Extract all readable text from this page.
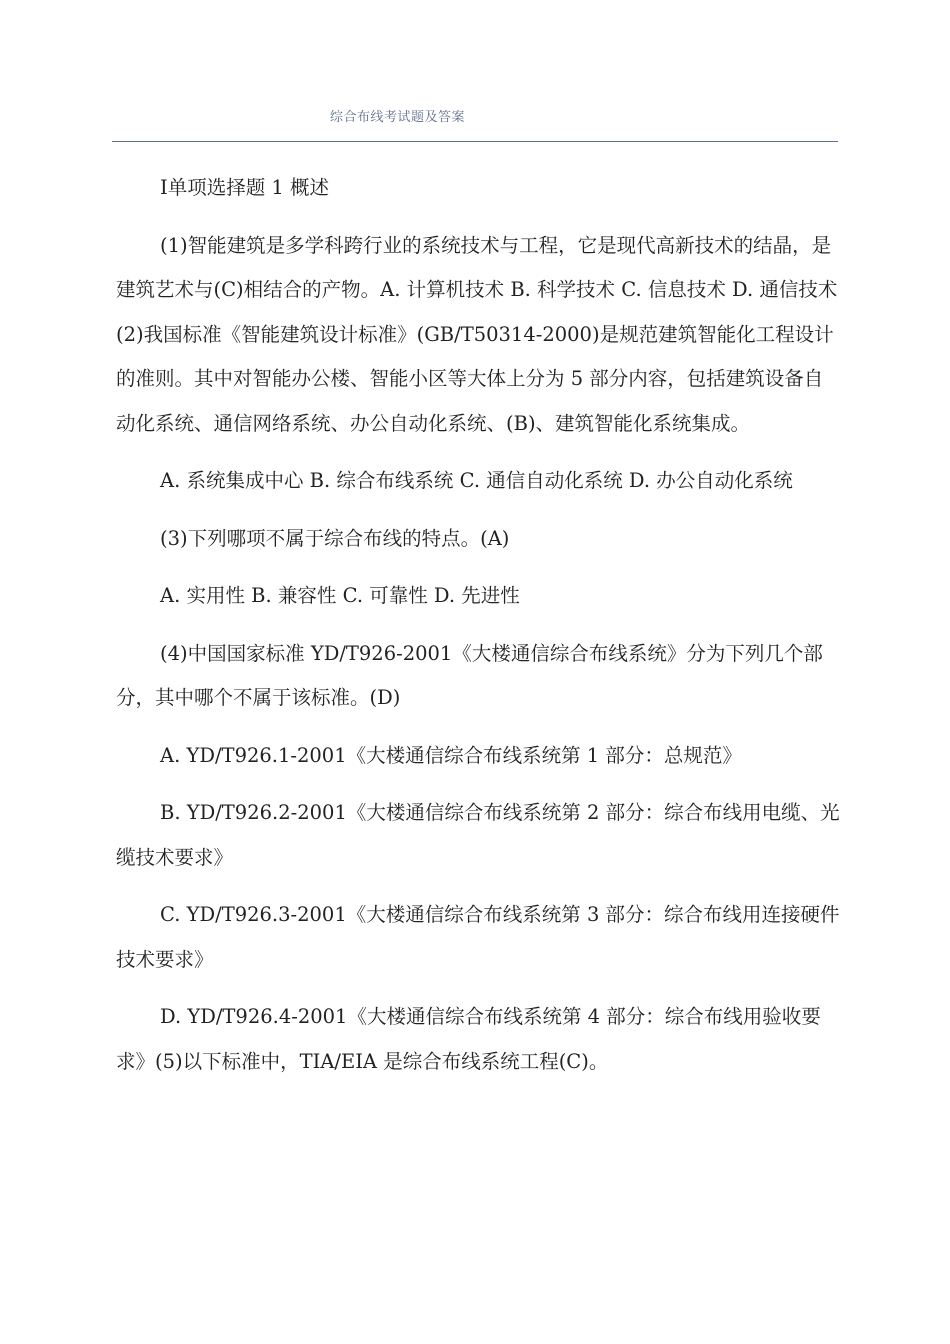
综合布线考试题及答案

Ⅰ单项选择题 1 概述

(1)智能建筑是多学科跨行业的系统技术与工程，它是现代高新技术的结晶，是建筑艺术与(C)相结合的产物。A. 计算机技术 B. 科学技术 C. 信息技术 D. 通信技术(2)我国标准《智能建筑设计标准》(GB/T50314-2000)是规范建筑智能化工程设计的准则。其中对智能办公楼、智能小区等大体上分为 5 部分内容，包括建筑设备自动化系统、通信网络系统、办公自动化系统、(B)、建筑智能化系统集成。

A. 系统集成中心 B. 综合布线系统 C. 通信自动化系统 D. 办公自动化系统

(3)下列哪项不属于综合布线的特点。(A)

A. 实用性 B. 兼容性 C. 可靠性 D. 先进性

(4)中国国家标准 YD/T926-2001《大楼通信综合布线系统》分为下列几个部分，其中哪个不属于该标准。(D)

A. YD/T926.1-2001《大楼通信综合布线系统第 1 部分：总规范》

B. YD/T926.2-2001《大楼通信综合布线系统第 2 部分：综合布线用电缆、光缆技术要求》

C. YD/T926.3-2001《大楼通信综合布线系统第 3 部分：综合布线用连接硬件技术要求》

D. YD/T926.4-2001《大楼通信综合布线系统第 4 部分：综合布线用验收要求》(5)以下标准中，TIA/EIA 是综合布线系统工程(C)。
